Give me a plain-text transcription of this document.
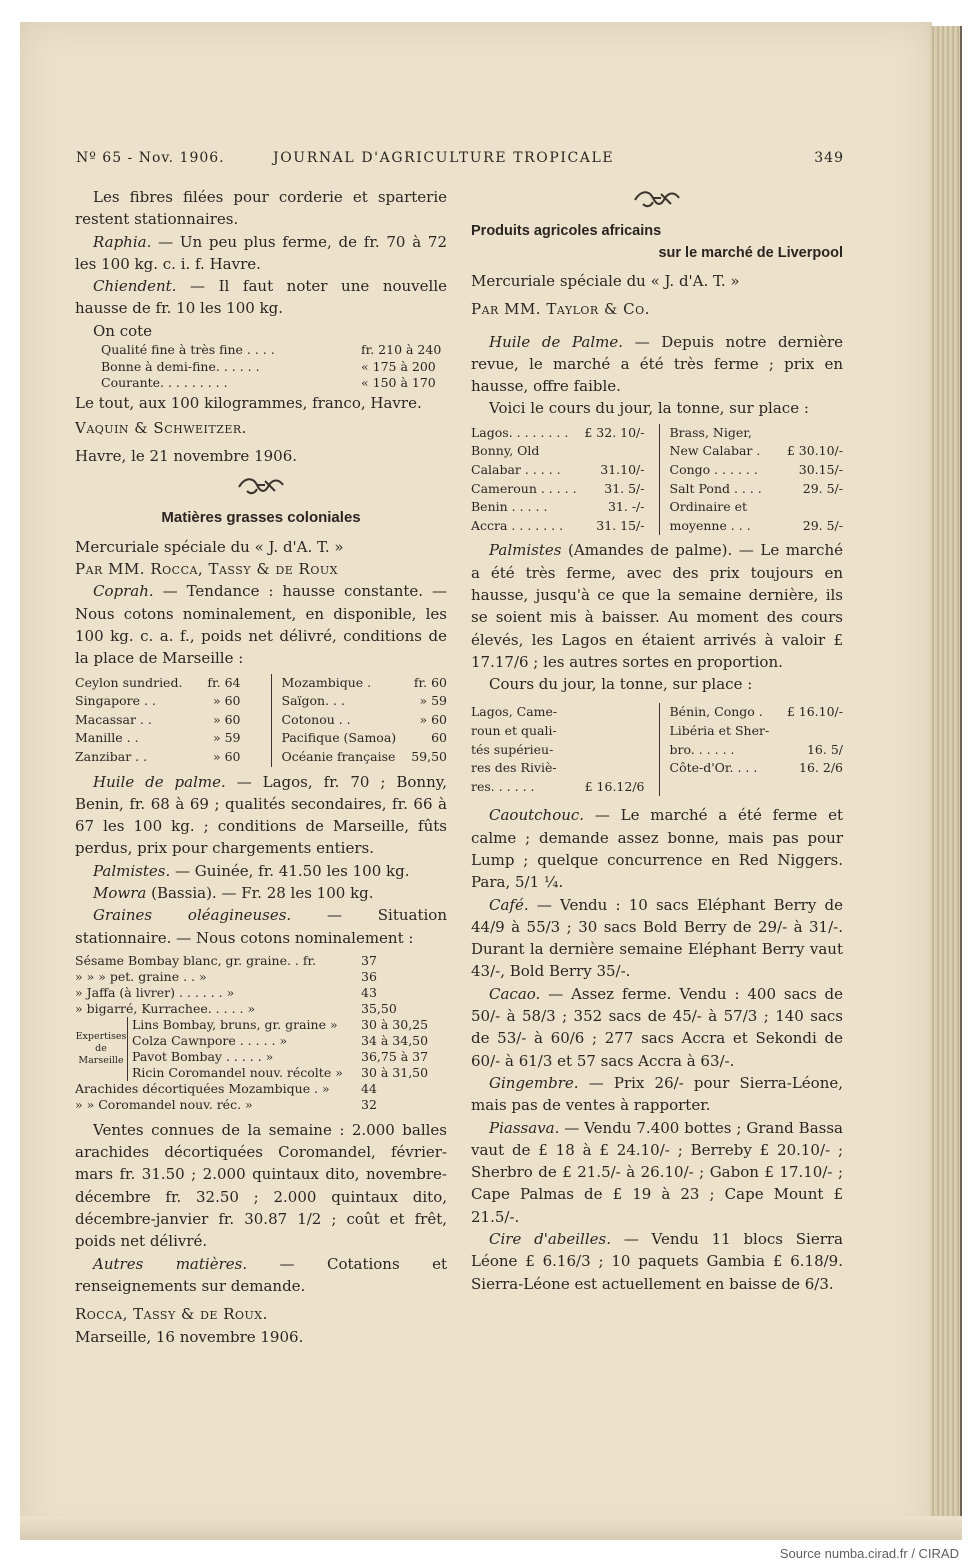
Nº 65 - Nov. 1906.	JOURNAL D'AGRICULTURE TROPICALE	349

Les fibres filées pour corderie et sparterie restent stationnaires.

Raphia. — Un peu plus ferme, de fr. 70 à 72 les 100 kg. c. i. f. Havre.

Chiendent. — Il faut noter une nouvelle hausse de fr. 10 les 100 kg.

On cote

Qualité fine à très fine . . . .	fr. 210 à 240
Bonne à demi-fine. . . . . .	« 175 à 200
Courante. . . . . . . . .	« 150 à 170

Le tout, aux 100 kilogrammes, franco, Havre.

Vaquin & Schweitzer.

Havre, le 21 novembre 1906.

Matières grasses coloniales

Mercuriale spéciale du « J. d'A. T. »

Par MM. Rocca, Tassy & de Roux

Coprah. — Tendance : hausse constante. — Nous cotons nominalement, en disponible, les 100 kg. c. a. f., poids net délivré, conditions de la place de Marseille :

Ceylon sundried.	fr. 64
Singapore . .	» 60
Macassar . .	» 60
Manille . .	» 59
Zanzibar . .	» 60
Mozambique .	fr. 60
Saïgon. . .	» 59
Cotonou . .	» 60
Pacifique (Samoa)	60
Océanie française	59,50

Huile de palme. — Lagos, fr. 70 ; Bonny, Benin, fr. 68 à 69 ; qualités secondaires, fr. 66 à 67 les 100 kg. ; conditions de Marseille, fûts perdus, prix pour chargements entiers.

Palmistes. — Guinée, fr. 41.50 les 100 kg.

Mowra (Bassia). — Fr. 28 les 100 kg.

Graines oléagineuses. — Situation stationnaire. — Nous cotons nominalement :

Sésame Bombay blanc, gr. graine. . fr.	37
» » » pet. graine . . »	36
» Jaffa (à livrer) . . . . . . »	43
» bigarré, Kurrachee. . . . . »	35,50
Expertises de Marseille
Lins Bombay, bruns, gr. graine »	30 à 30,25
Colza Cawnpore . . . . . »	34 à 34,50
Pavot Bombay . . . . . »	36,75 à 37
Ricin Coromandel nouv. récolte »	30 à 31,50
Arachides décortiquées Mozambique . »	44
» » Coromandel nouv. réc. »	32

Ventes connues de la semaine : 2.000 balles arachides décortiquées Coromandel, février-mars fr. 31.50 ; 2.000 quintaux dito, novembre-décembre fr. 32.50 ; 2.000 quintaux dito, décembre-janvier fr. 30.87 1/2 ; coût et frêt, poids net délivré.

Autres matières. — Cotations et renseignements sur demande.

Rocca, Tassy & de Roux.

Marseille, 16 novembre 1906.

Produits agricoles africains
sur le marché de Liverpool

Mercuriale spéciale du « J. d'A. T. »

Par MM. Taylor & Co.

Huile de Palme. — Depuis notre dernière revue, le marché a été très ferme ; prix en hausse, offre faible.

Voici le cours du jour, la tonne, sur place :

Lagos. . . . . . . .	£ 32. 10/-
Bonny, Old
Calabar . . . . .	31.10/-
Cameroun . . . . .	31. 5/-
Benin . . . . .	31. -/-
Accra . . . . . . .	31. 15/-
Brass, Niger,
New Calabar .	£ 30.10/-
Congo . . . . . .	30.15/-
Salt Pond . . . .	29. 5/-
Ordinaire et
moyenne . . .	29. 5/-

Palmistes (Amandes de palme). — Le marché a été très ferme, avec des prix toujours en hausse, jusqu'à ce que la semaine dernière, ils se soient mis à baisser. Au moment des cours élevés, les Lagos en étaient arrivés à valoir £ 17.17/6 ; les autres sortes en proportion.

Cours du jour, la tonne, sur place :

Lagos, Came-
roun et quali-
tés supérieu-
res des Riviè-
res. . . . . .	£ 16.12/6
Bénin, Congo .	£ 16.10/-
Libéria et Sher-
bro. . . . . .	16. 5/
Côte-d'Or. . . .	16. 2/6

Caoutchouc. — Le marché a été ferme et calme ; demande assez bonne, mais pas pour Lump ; quelque concurrence en Red Niggers. Para, 5/1 ¼.

Café. — Vendu : 10 sacs Eléphant Berry de 44/9 à 55/3 ; 30 sacs Bold Berry de 29/- à 31/-. Durant la dernière semaine Eléphant Berry vaut 43/-, Bold Berry 35/-.

Cacao. — Assez ferme. Vendu : 400 sacs de 50/- à 58/3 ; 352 sacs de 45/- à 57/3 ; 140 sacs de 53/- à 60/6 ; 277 sacs Accra et Sekondi de 60/- à 61/3 et 57 sacs Accra à 63/-.

Gingembre. — Prix 26/- pour Sierra-Léone, mais pas de ventes à rapporter.

Piassava. — Vendu 7.400 bottes ; Grand Bassa vaut de £ 18 à £ 24.10/- ; Berreby £ 20.10/- ; Sherbro de £ 21.5/- à 26.10/- ; Gabon £ 17.10/- ; Cape Palmas de £ 19 à 23 ; Cape Mount £ 21.5/-.

Cire d'abeilles. — Vendu 11 blocs Sierra Léone £ 6.16/3 ; 10 paquets Gambia £ 6.18/9. Sierra-Léone est actuellement en baisse de 6/3.

Source numba.cirad.fr / CIRAD
